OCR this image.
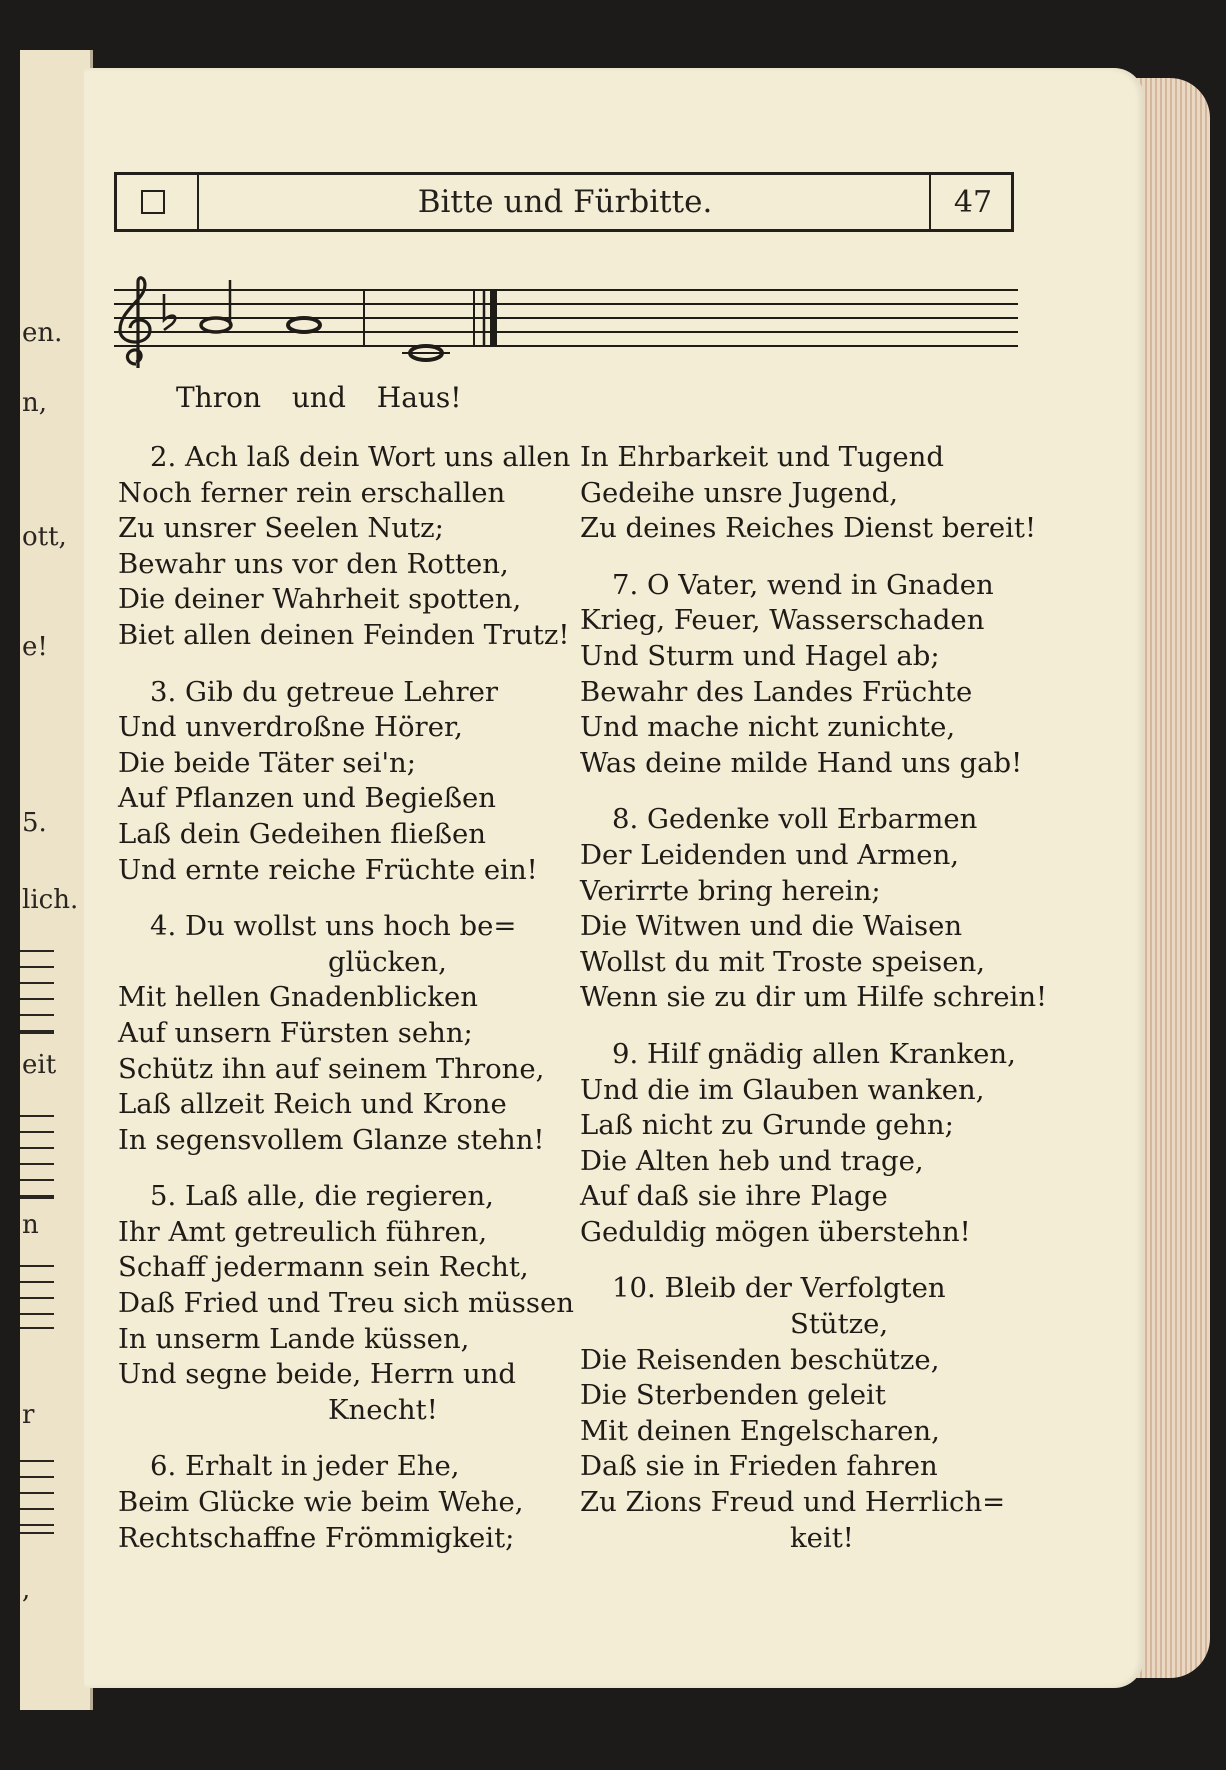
en.
n,
ott,
e!
5.
lich.
eit
n
r
,
Bitte und Fürbitte.	47
Thron und Haus!
2. Ach laß dein Wort uns allen
Noch ferner rein erschallen
Zu unsrer Seelen Nutz;
Bewahr uns vor den Rotten,
Die deiner Wahrheit spotten,
Biet allen deinen Feinden Trutz!
3. Gib du getreue Lehrer
Und unverdroßne Hörer,
Die beide Täter sei'n;
Auf Pflanzen und Begießen
Laß dein Gedeihen fließen
Und ernte reiche Früchte ein!
4. Du wollst uns hoch be=
glücken,
Mit hellen Gnadenblicken
Auf unsern Fürsten sehn;
Schütz ihn auf seinem Throne,
Laß allzeit Reich und Krone
In segensvollem Glanze stehn!
5. Laß alle, die regieren,
Ihr Amt getreulich führen,
Schaff jedermann sein Recht,
Daß Fried und Treu sich müssen
In unserm Lande küssen,
Und segne beide, Herrn und
Knecht!
6. Erhalt in jeder Ehe,
Beim Glücke wie beim Wehe,
Rechtschaffne Frömmigkeit;
In Ehrbarkeit und Tugend
Gedeihe unsre Jugend,
Zu deines Reiches Dienst bereit!
7. O Vater, wend in Gnaden
Krieg, Feuer, Wasserschaden
Und Sturm und Hagel ab;
Bewahr des Landes Früchte
Und mache nicht zunichte,
Was deine milde Hand uns gab!
8. Gedenke voll Erbarmen
Der Leidenden und Armen,
Verirrte bring herein;
Die Witwen und die Waisen
Wollst du mit Troste speisen,
Wenn sie zu dir um Hilfe schrein!
9. Hilf gnädig allen Kranken,
Und die im Glauben wanken,
Laß nicht zu Grunde gehn;
Die Alten heb und trage,
Auf daß sie ihre Plage
Geduldig mögen überstehn!
10. Bleib der Verfolgten
Stütze,
Die Reisenden beschütze,
Die Sterbenden geleit
Mit deinen Engelscharen,
Daß sie in Frieden fahren
Zu Zions Freud und Herrlich=
keit!
